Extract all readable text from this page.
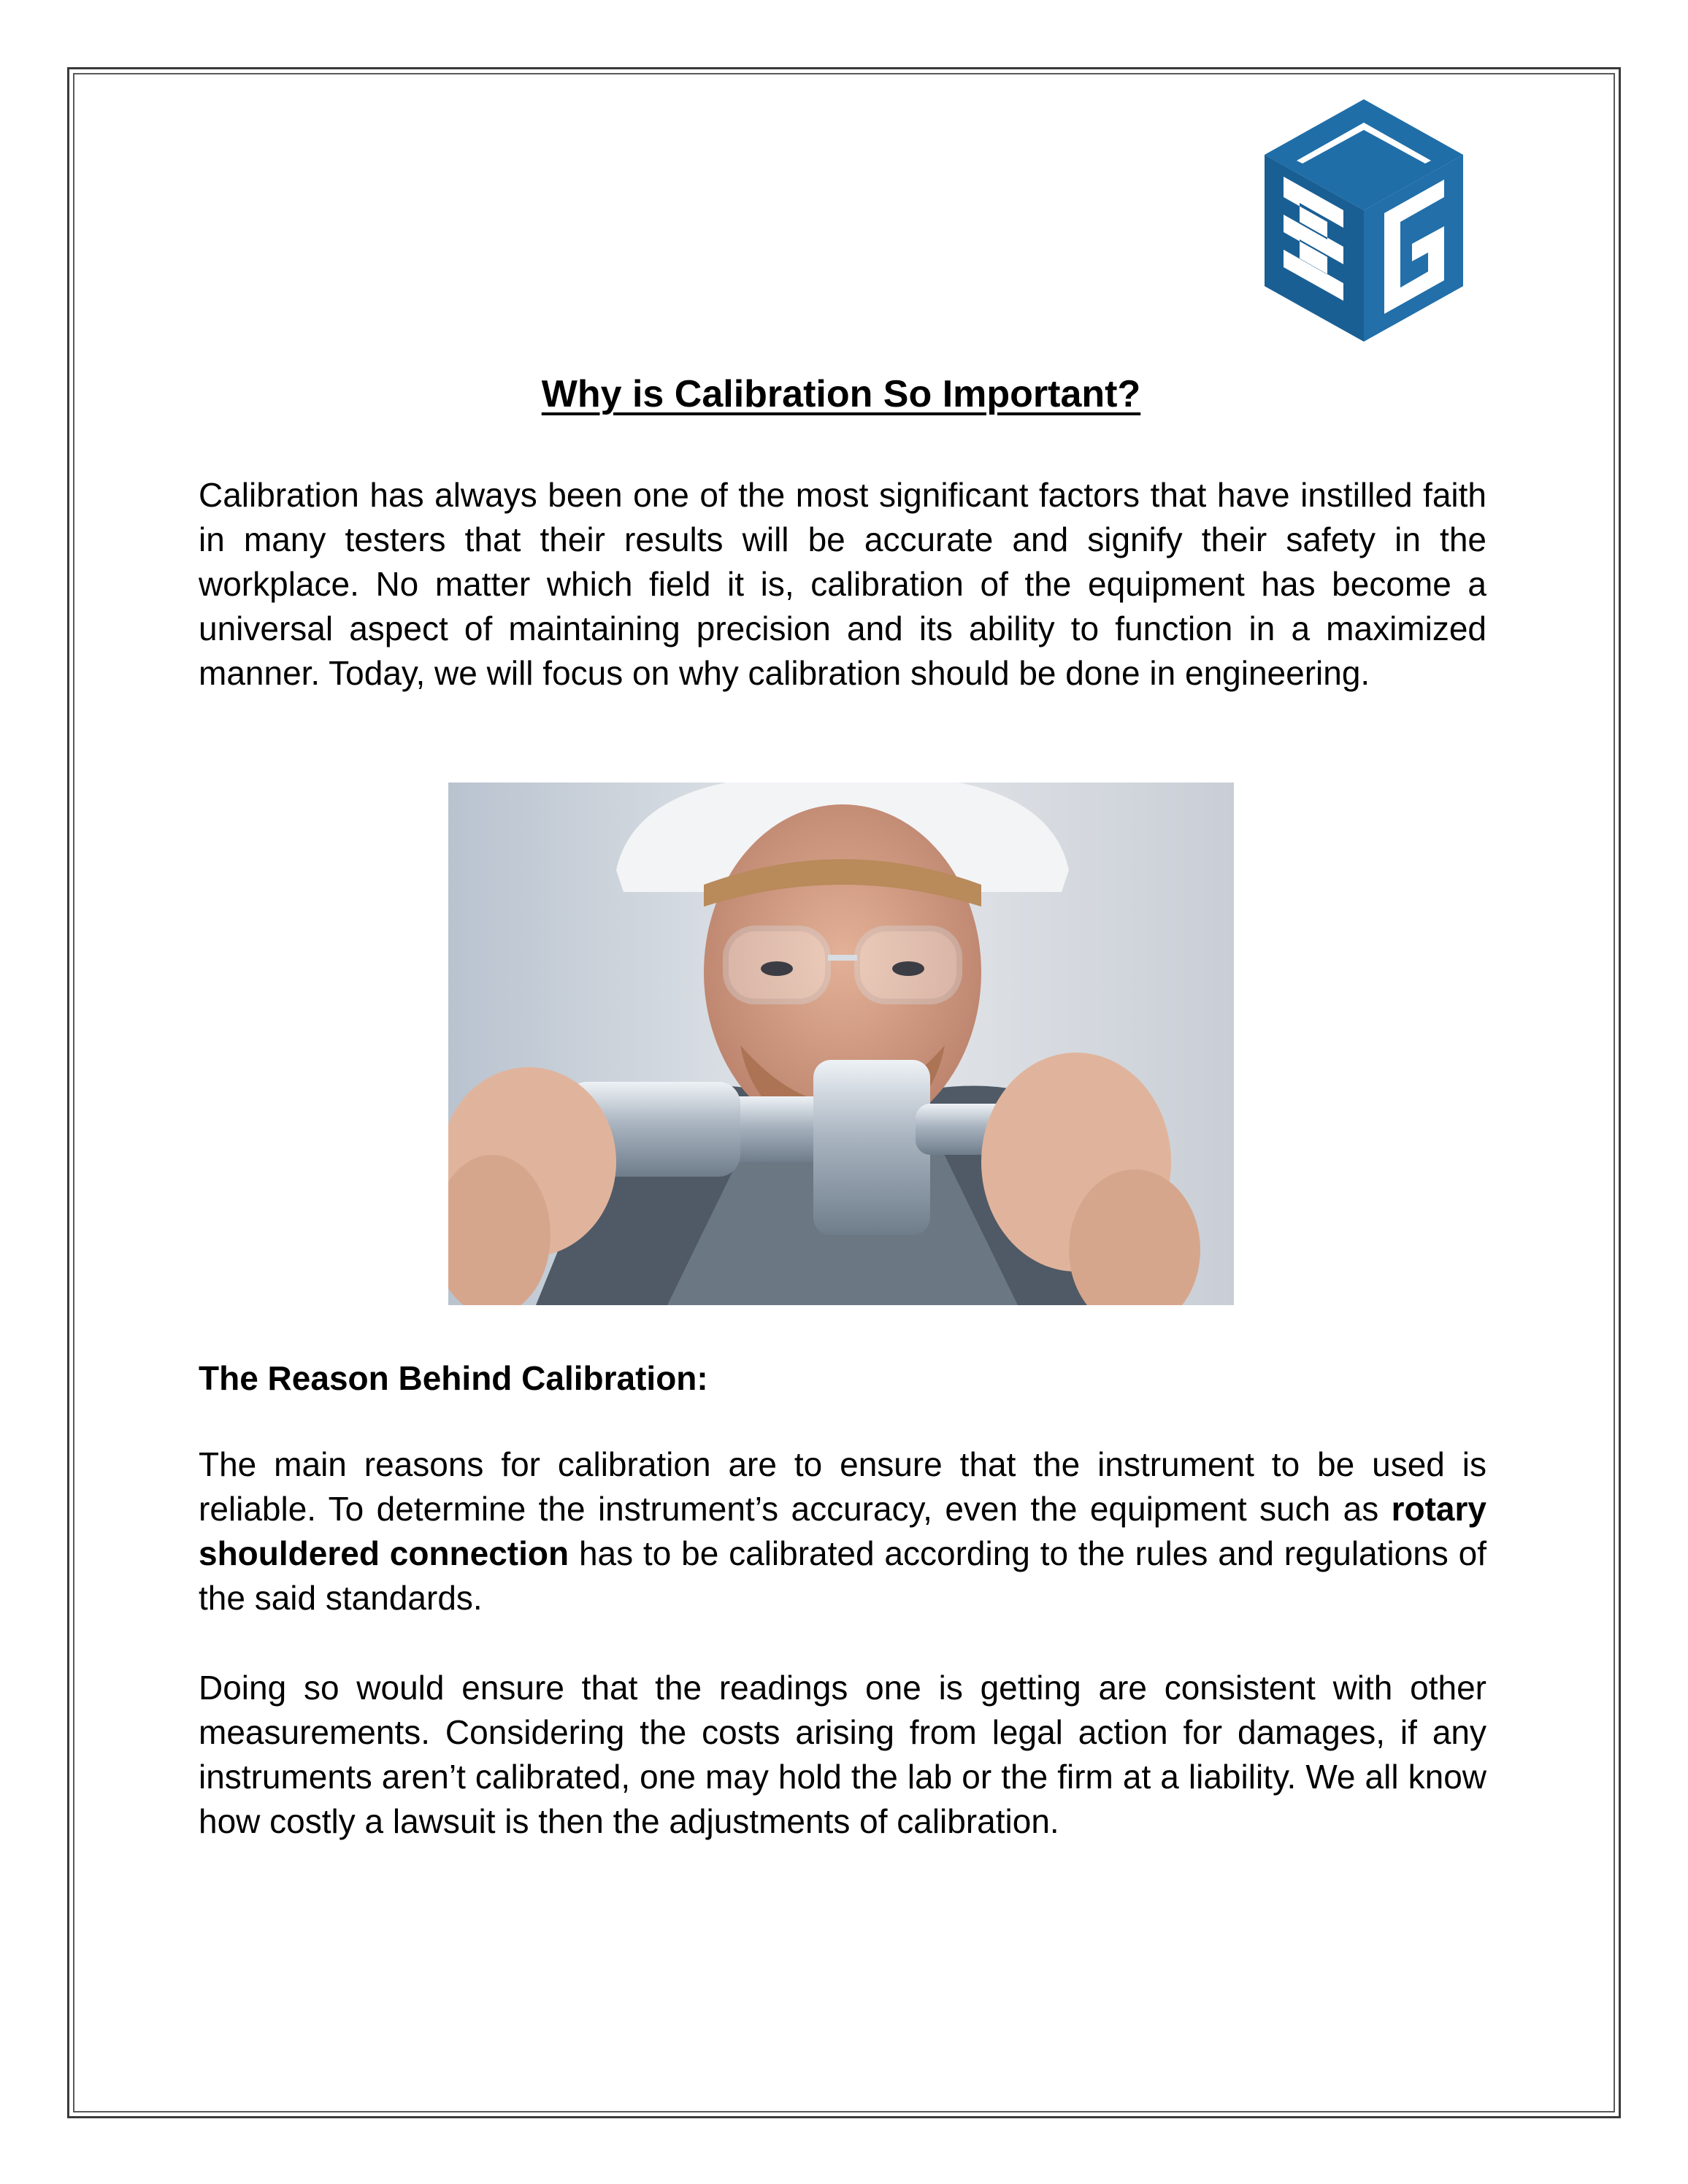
Why is Calibration So Important?

Calibration has always been one of the most significant factors that have instilled faith in many testers that their results will be accurate and signify their safety in the workplace. No matter which field it is, calibration of the equipment has become a universal aspect of maintaining precision and its ability to function in a maximized manner. Today, we will focus on why calibration should be done in engineering.

The Reason Behind Calibration:

The main reasons for calibration are to ensure that the instrument to be used is reliable. To determine the instrument’s accuracy, even the equipment such as rotary shouldered connection has to be calibrated according to the rules and regulations of the said standards.

Doing so would ensure that the readings one is getting are consistent with other measurements. Considering the costs arising from legal action for damages, if any instruments aren’t calibrated, one may hold the lab or the firm at a liability. We all know how costly a lawsuit is then the adjustments of calibration.
